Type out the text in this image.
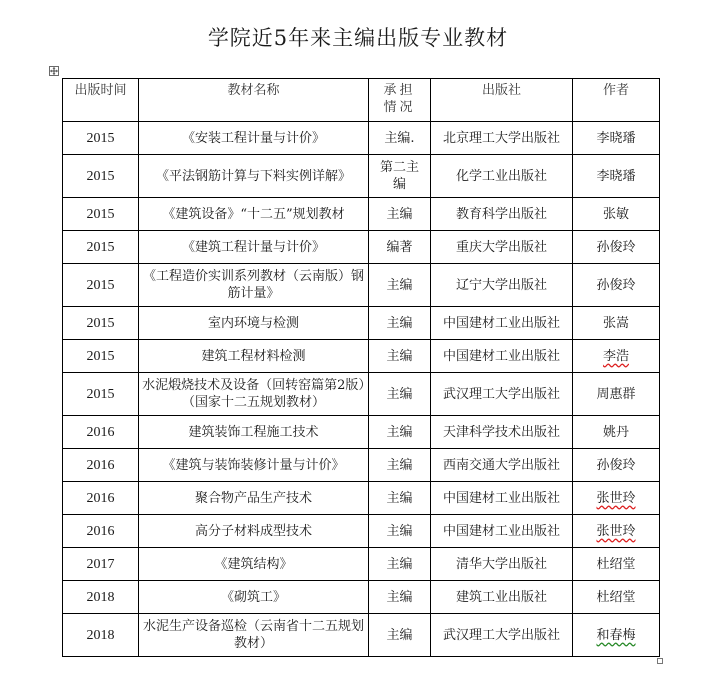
学院近5年来主编出版专业教材
出版时间	教材名称	承担情况	出版社	作者
2015	《安装工程计量与计价》	主编.	北京理工大学出版社	李晓璠
2015	《平法钢筋计算与下料实例详解》	第二主编	化学工业出版社	李晓璠
2015	《建筑设备》“十二五”规划教材	主编	教育科学出版社	张敏
2015	《建筑工程计量与计价》	编著	重庆大学出版社	孙俊玲
2015	《工程造价实训系列教材（云南版）钢筋计量》	主编	辽宁大学出版社	孙俊玲
2015	室内环境与检测	主编	中国建材工业出版社	张嵩
2015	建筑工程材料检测	主编	中国建材工业出版社	李浩
2015	水泥煅烧技术及设备（回转窑篇第2版）（国家十二五规划教材）	主编	武汉理工大学出版社	周惠群
2016	建筑装饰工程施工技术	主编	天津科学技术出版社	姚丹
2016	《建筑与装饰装修计量与计价》	主编	西南交通大学出版社	孙俊玲
2016	聚合物产品生产技术	主编	中国建材工业出版社	张世玲
2016	高分子材料成型技术	主编	中国建材工业出版社	张世玲
2017	《建筑结构》	主编	清华大学出版社	杜绍堂
2018	《砌筑工》	主编	建筑工业出版社	杜绍堂
2018	水泥生产设备巡检（云南省十二五规划教材）	主编	武汉理工大学出版社	和春梅
